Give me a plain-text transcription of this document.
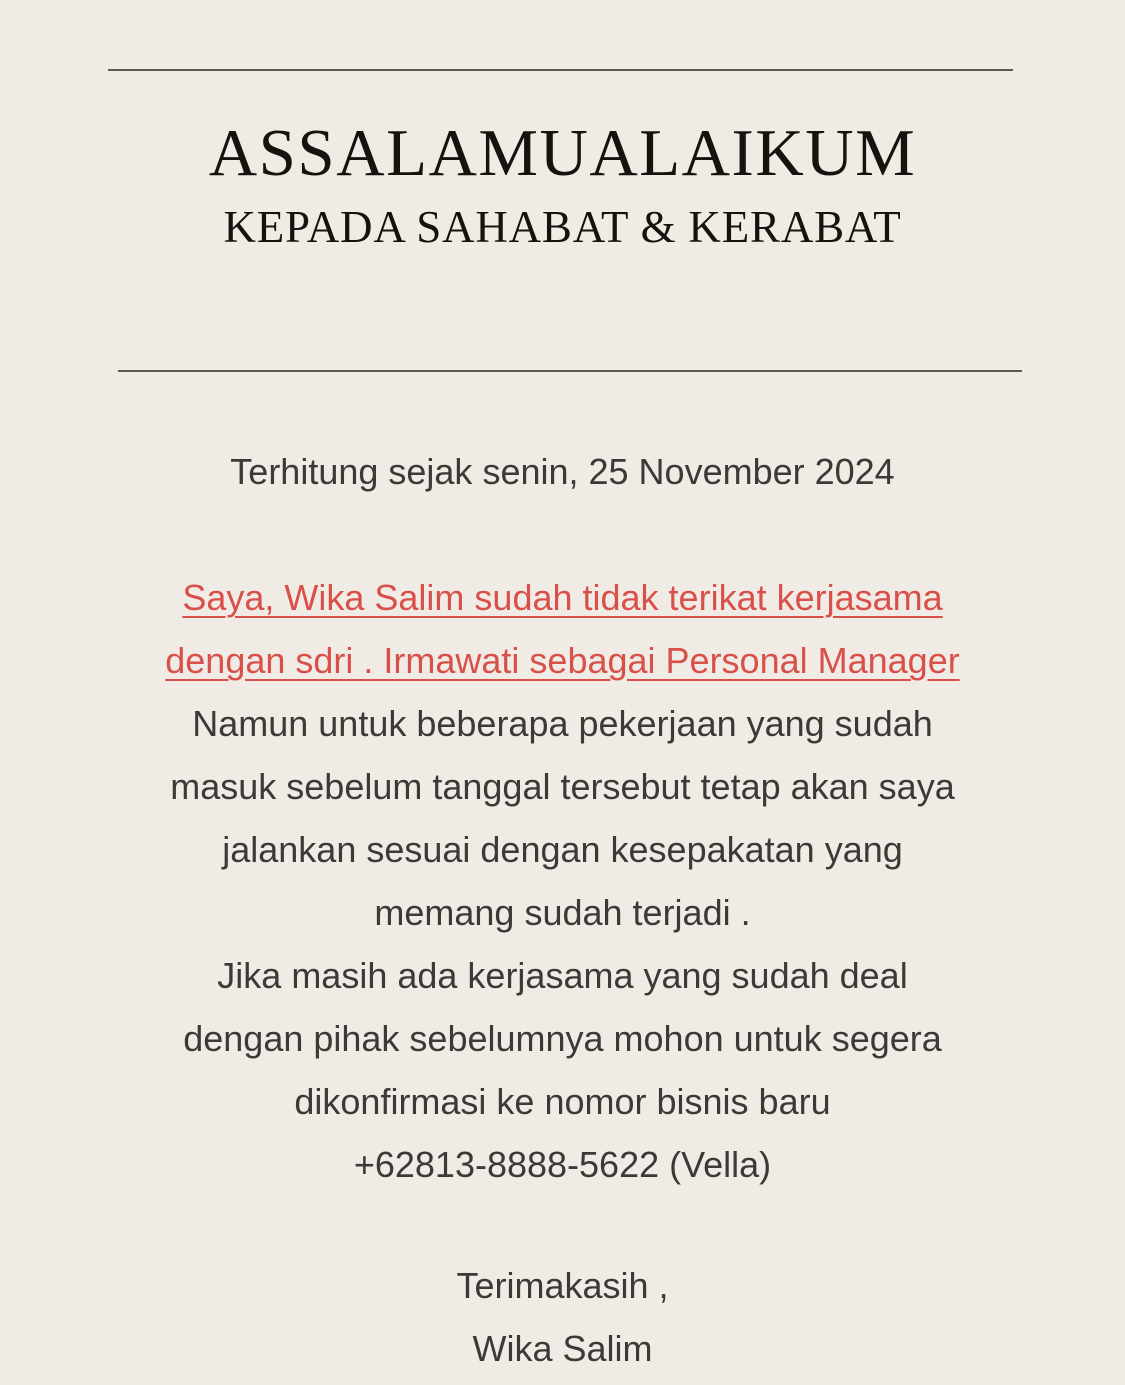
ASSALAMUALAIKUM
KEPADA SAHABAT & KERABAT
Terhitung sejak senin, 25 November 2024
Saya, Wika Salim sudah tidak terikat kerjasama
dengan sdri . Irmawati sebagai Personal Manager
Namun untuk beberapa pekerjaan yang sudah
masuk sebelum tanggal tersebut tetap akan saya
jalankan sesuai dengan kesepakatan yang
memang sudah terjadi .
Jika masih ada kerjasama yang sudah deal
dengan pihak sebelumnya mohon untuk segera
dikonfirmasi ke nomor bisnis baru
+62813-8888-5622 (Vella)
Terimakasih ,
Wika Salim
